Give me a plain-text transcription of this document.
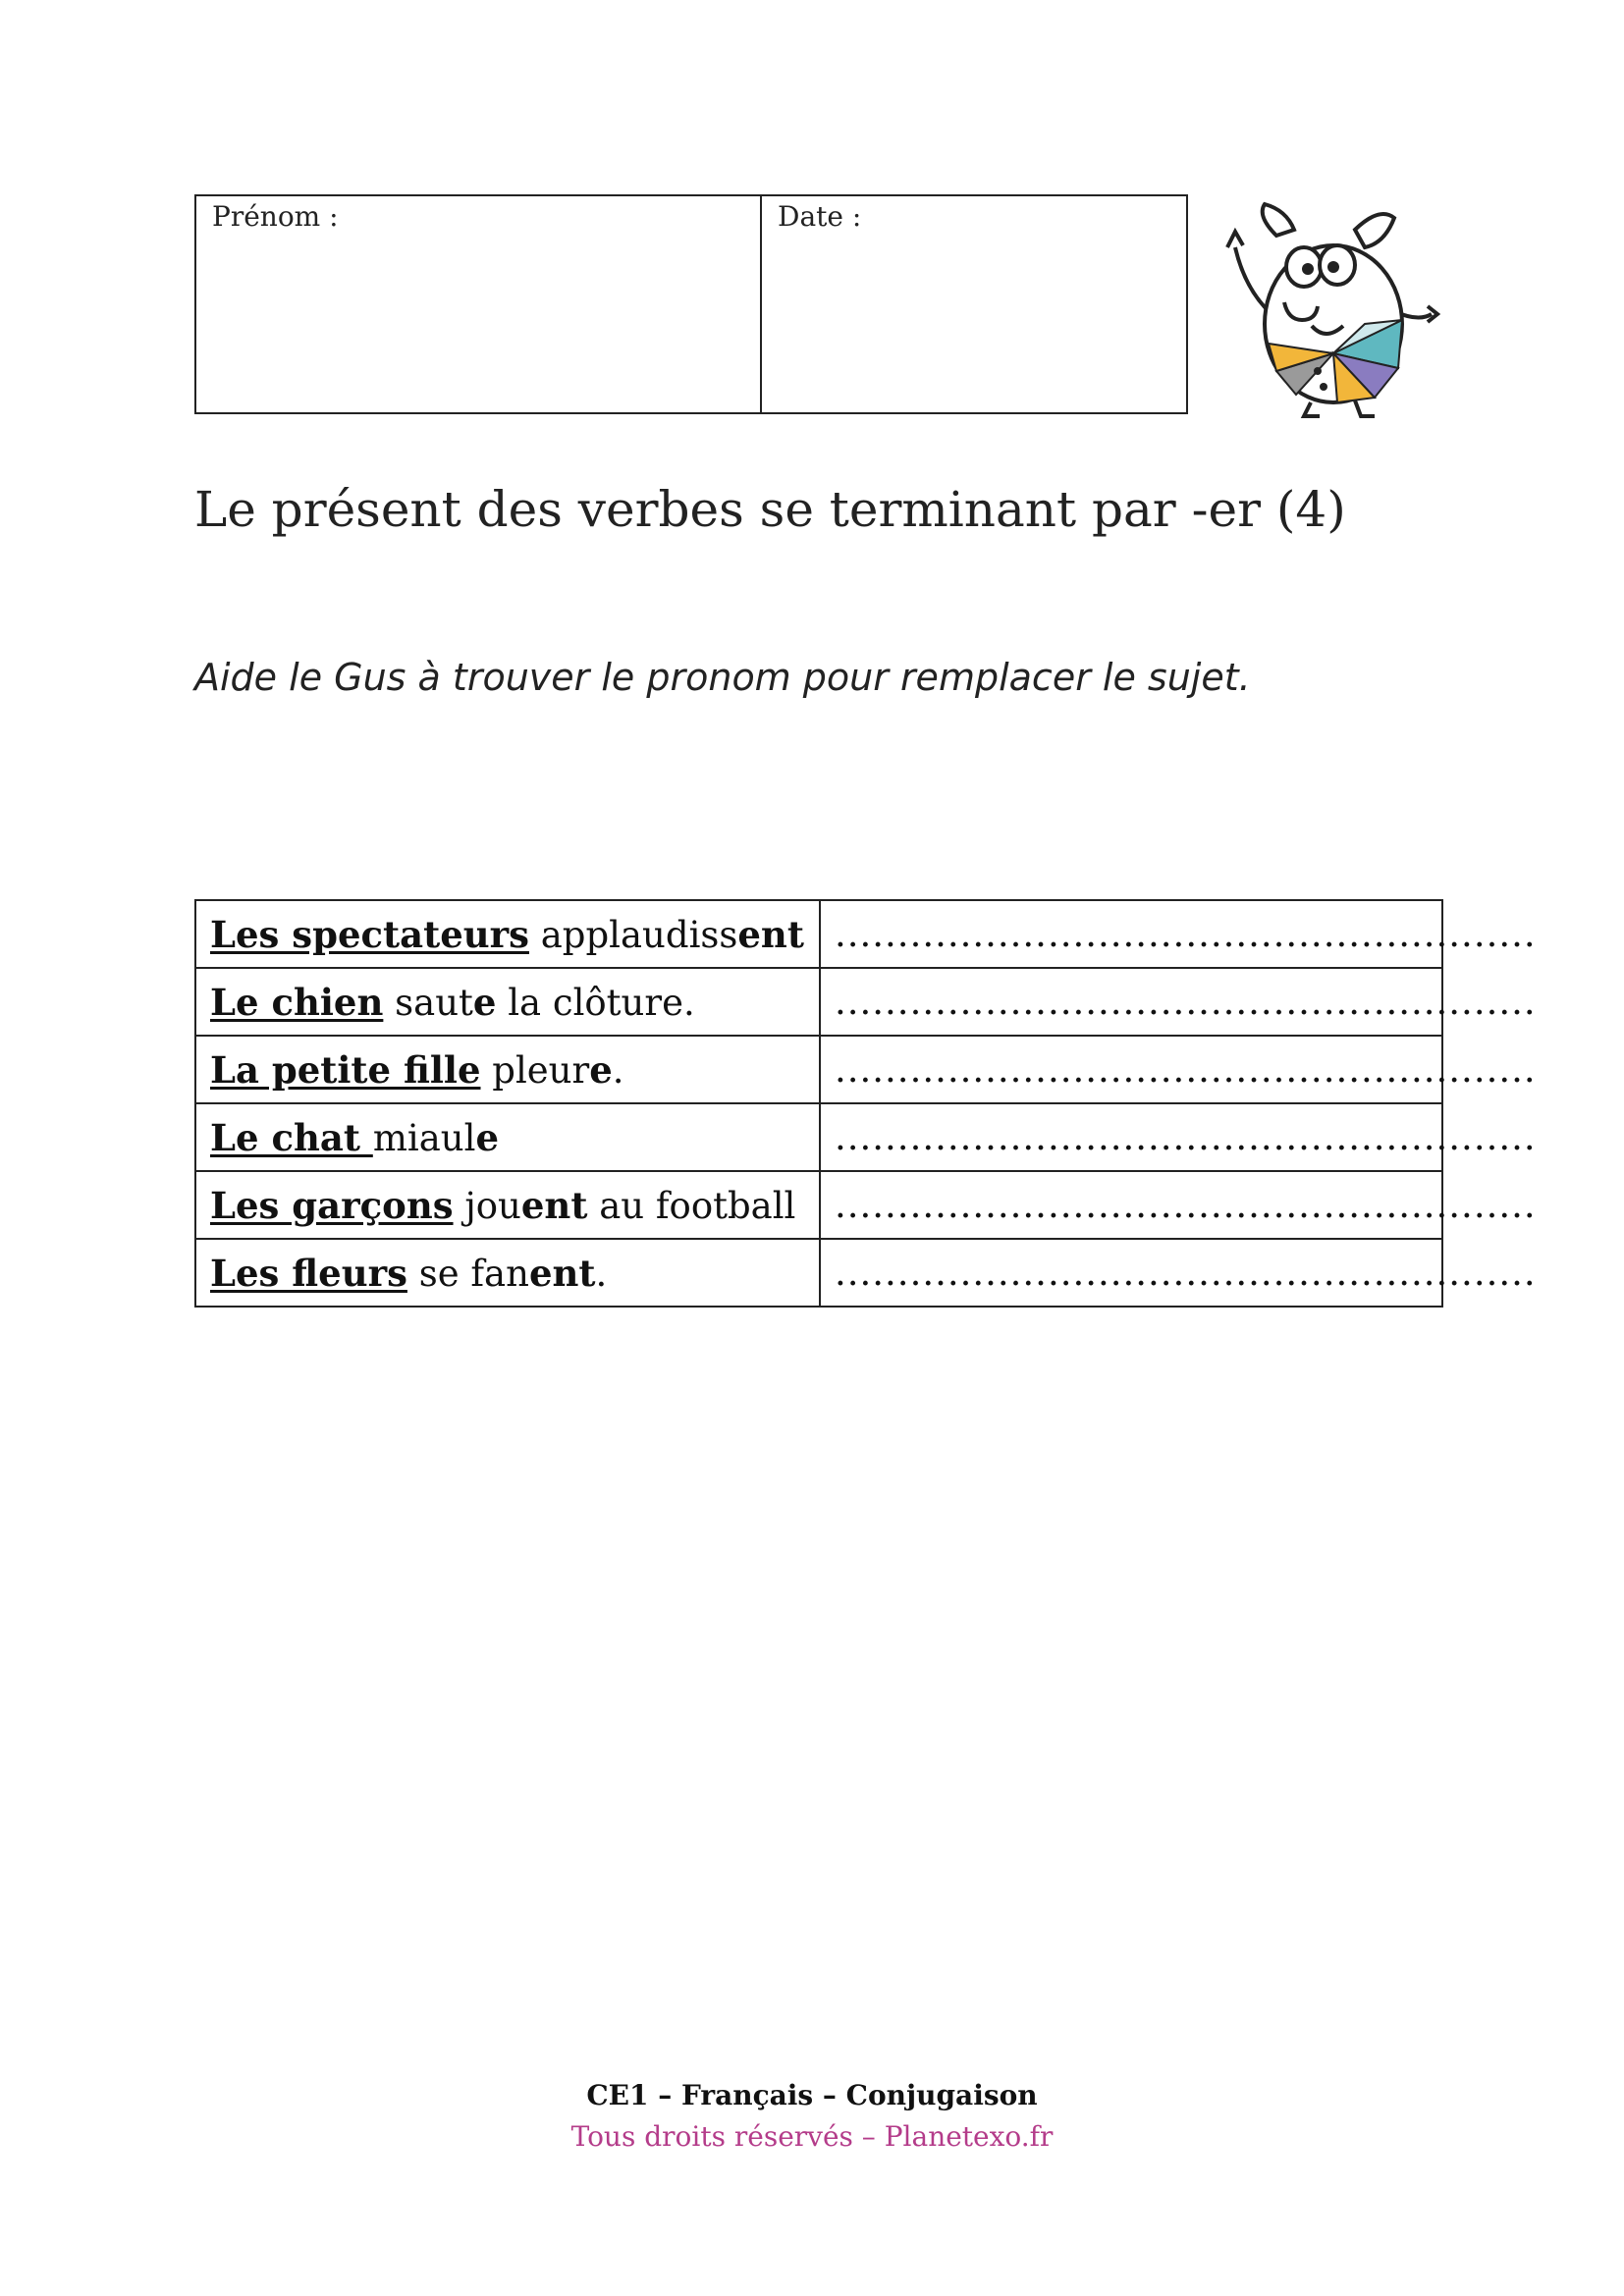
Prénom :	Date :
Le présent des verbes se terminant par -er (4)

Aide le Gus à trouver le pronom pour remplacer le sujet.

Les spectateurs applaudissent	........................................................
Le chien saute la clôture.	........................................................
La petite fille pleure.	........................................................
Le chat miaule	........................................................
Les garçons jouent au football	........................................................
Les fleurs se fanent.	........................................................
CE1 – Français – Conjugaison
Tous droits réservés – Planetexo.fr
